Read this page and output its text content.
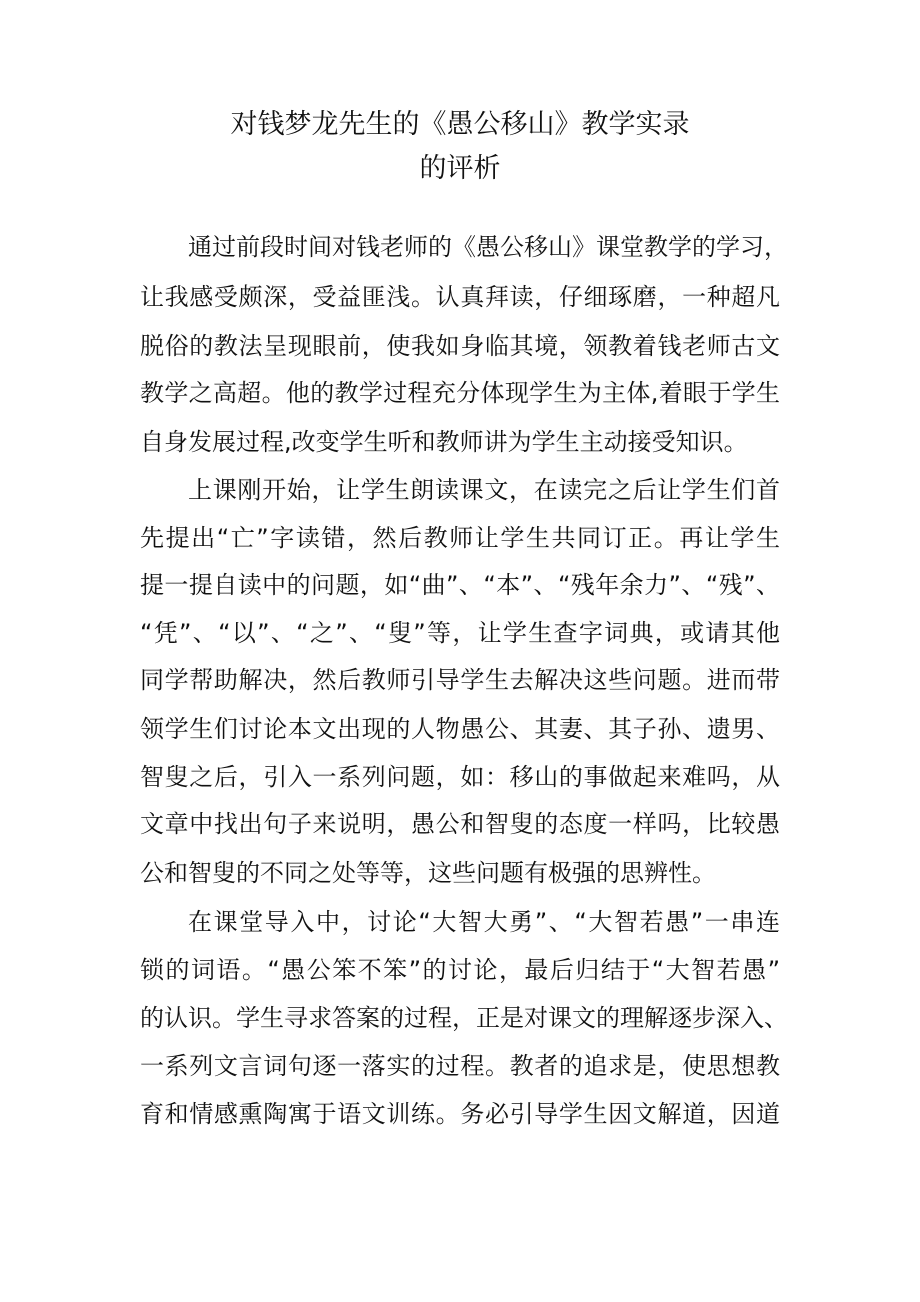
对钱梦龙先生的《愚公移山》教学实录
的评析
通过前段时间对钱老师的《愚公移山》课堂教学的学习，
让我感受颇深，受益匪浅。认真拜读，仔细琢磨，一种超凡
脱俗的教法呈现眼前，使我如身临其境，领教着钱老师古文
教学之高超。他的教学过程充分体现学生为主体,着眼于学生
自身发展过程,改变学生听和教师讲为学生主动接受知识。
上课刚开始，让学生朗读课文，在读完之后让学生们首
先提出“亡”字读错，然后教师让学生共同订正。再让学生
提一提自读中的问题，如“曲”、“本”、“残年余力”、“残”、
“凭”、“以”、“之”、“叟”等，让学生查字词典，或请其他
同学帮助解决，然后教师引导学生去解决这些问题。进而带
领学生们讨论本文出现的人物愚公、其妻、其子孙、遗男、
智叟之后，引入一系列问题，如：移山的事做起来难吗，从
文章中找出句子来说明，愚公和智叟的态度一样吗，比较愚
公和智叟的不同之处等等，这些问题有极强的思辨性。
在课堂导入中，讨论“大智大勇”、“大智若愚”一串连
锁的词语。“愚公笨不笨”的讨论，最后归结于“大智若愚”
的认识。学生寻求答案的过程，正是对课文的理解逐步深入、
一系列文言词句逐一落实的过程。教者的追求是，使思想教
育和情感熏陶寓于语文训练。务必引导学生因文解道，因道
